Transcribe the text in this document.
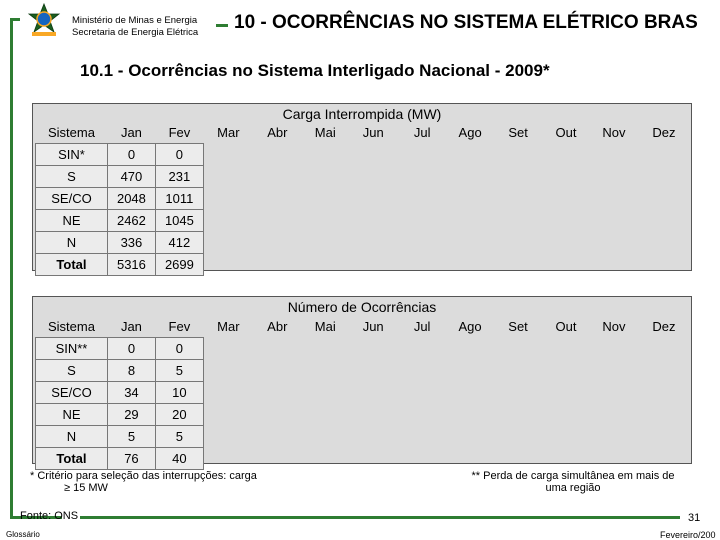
Ministério de Minas e Energia
Secretaria de Energia Elétrica 10 - OCORRÊNCIAS NO SISTEMA ELÉTRICO BRAS
10.1 - Ocorrências no Sistema Interligado Nacional - 2009*
Carga Interrompida (MW)
Sistema	Jan	Fev	Mar	Abr	Mai	Jun	Jul	Ago	Set	Out	Nov	Dez
SIN*	0	0										
S	470	231										
SE/CO	2048	1011										
NE	2462	1045										
N	336	412										
Total	5316	2699										
Número de Ocorrências
Sistema	Jan	Fev	Mar	Abr	Mai	Jun	Jul	Ago	Set	Out	Nov	Dez
SIN**	0	0										
S	8	5										
SE/CO	34	10										
NE	29	20										
N	5	5										
Total	76	40										
* Critério para seleção das interrupções: carga
≥ 15 MW
** Perda de carga simultânea em mais de
uma região
Fonte: ONS
Glossário
31
Fevereiro/200
